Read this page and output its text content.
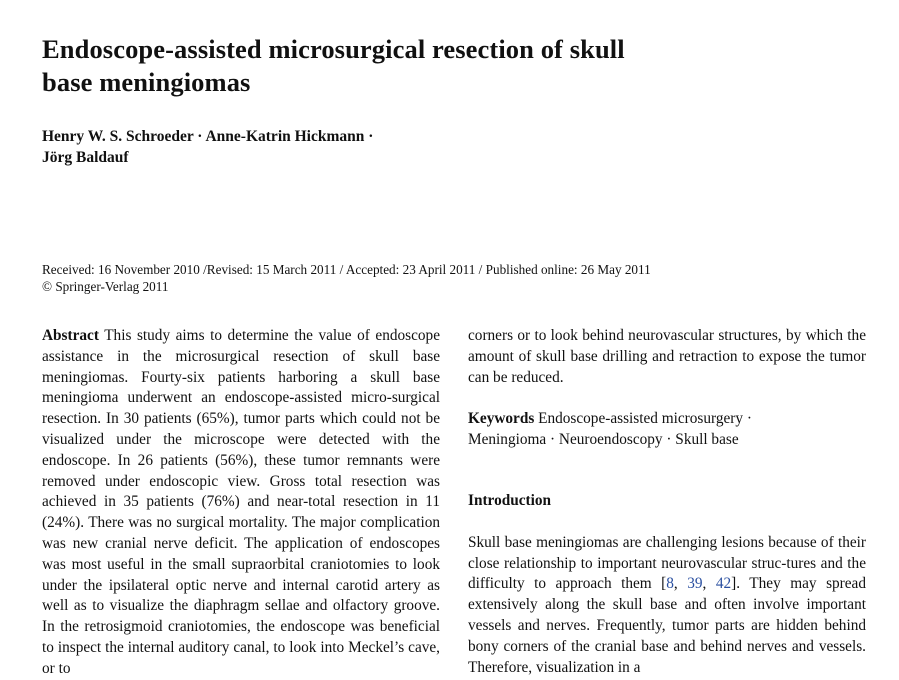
Endoscope-assisted microsurgical resection of skull
base meningiomas
Henry W. S. Schroeder · Anne-Katrin Hickmann ·
Jörg Baldauf
Received: 16 November 2010 /Revised: 15 March 2011 / Accepted: 23 April 2011 / Published online: 26 May 2011
© Springer-Verlag 2011

Abstract This study aims to determine the value of endoscope assistance in the microsurgical resection of skull base meningiomas. Fourty-six patients harboring a skull base meningioma underwent an endoscope-assisted micro-surgical resection. In 30 patients (65%), tumor parts which could not be visualized under the microscope were detected with the endoscope. In 26 patients (56%), these tumor remnants were removed under endoscopic view. Gross total resection was achieved in 35 patients (76%) and near-total resection in 11 (24%). There was no surgical mortality. The major complication was new cranial nerve deficit. The application of endoscopes was most useful in the small supraorbital craniotomies to look under the ipsilateral optic nerve and internal carotid artery as well as to visualize the diaphragm sellae and olfactory groove. In the retrosigmoid craniotomies, the endoscope was beneficial to inspect the internal auditory canal, to look into Meckel’s cave, or to

corners or to look behind neurovascular structures, by which the amount of skull base drilling and retraction to expose the tumor can be reduced.

Keywords Endoscope-assisted microsurgery ·
Meningioma · Neuroendoscopy · Skull base

Introduction

Skull base meningiomas are challenging lesions because of their close relationship to important neurovascular struc-tures and the difficulty to approach them [8, 39, 42]. They may spread extensively along the skull base and often involve important vessels and nerves. Frequently, tumor parts are hidden behind bony corners of the cranial base and behind nerves and vessels. Therefore, visualization in a
